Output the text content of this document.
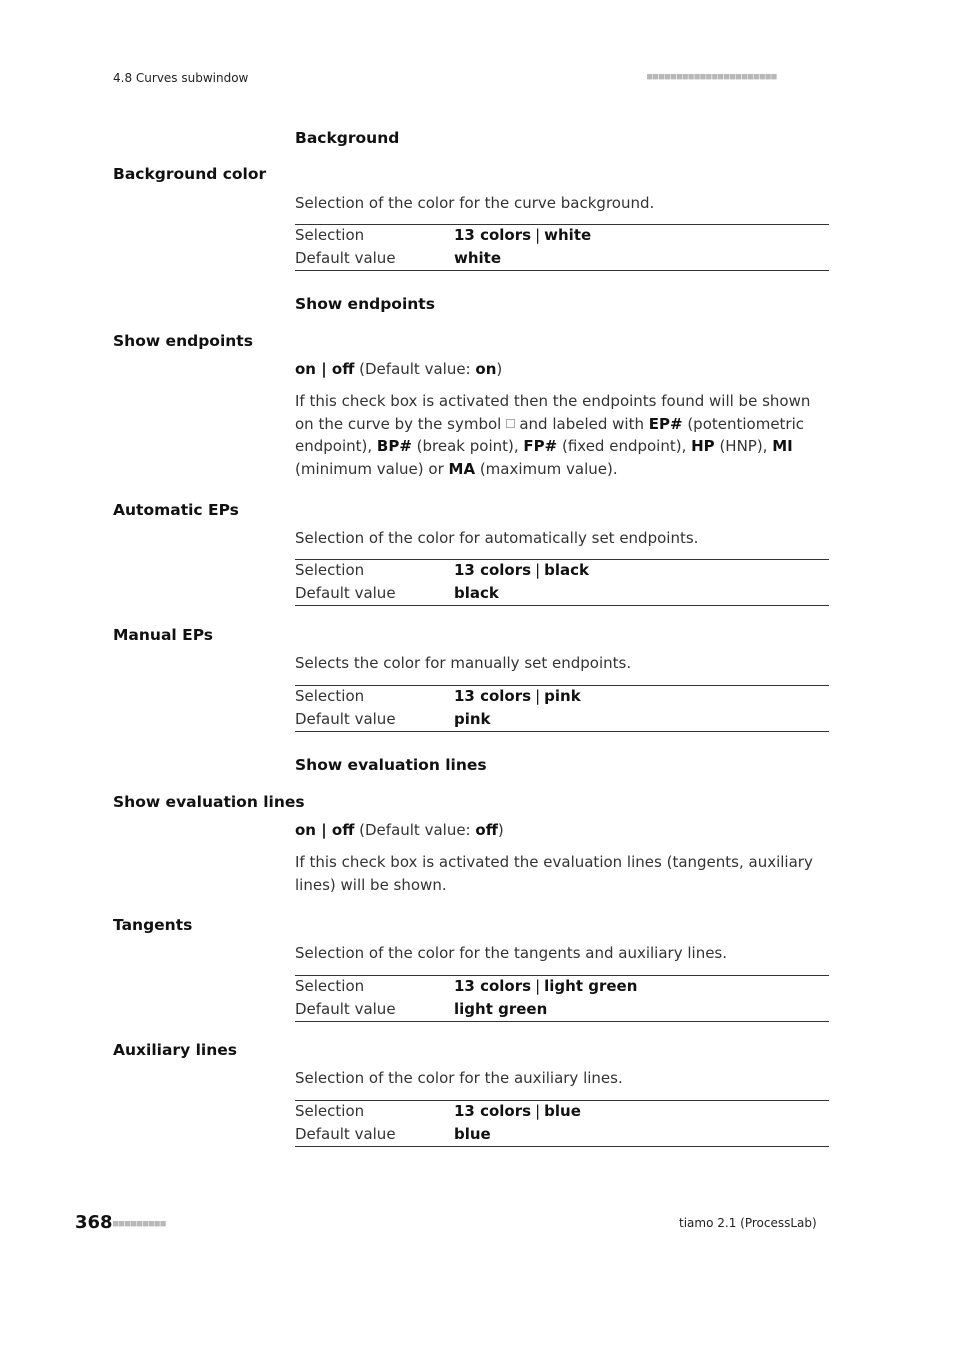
4.8 Curves subwindow	■■■■■■■■■■■■■■■■■■■■■■
Background
Background color
Selection of the color for the curve background.
Selection	13 colors | white
Default value	white
Show endpoints
Show endpoints
on | off (Default value: on)
If this check box is activated then the endpoints found will be shown on the curve by the symbol and labeled with EP# (potentiometric endpoint), BP# (break point), FP# (fixed endpoint), HP (HNP), MI (minimum value) or MA (maximum value).
Automatic EPs
Selection of the color for automatically set endpoints.
Selection	13 colors | black
Default value	black
Manual EPs
Selects the color for manually set endpoints.
Selection	13 colors | pink
Default value	pink
Show evaluation lines
Show evaluation lines
on | off (Default value: off)
If this check box is activated the evaluation lines (tangents, auxiliary lines) will be shown.
Tangents
Selection of the color for the tangents and auxiliary lines.
Selection	13 colors | light green
Default value	light green
Auxiliary lines
Selection of the color for the auxiliary lines.
Selection	13 colors | blue
Default value	blue
368 ■■■■■■■■■	tiamo 2.1 (ProcessLab)
